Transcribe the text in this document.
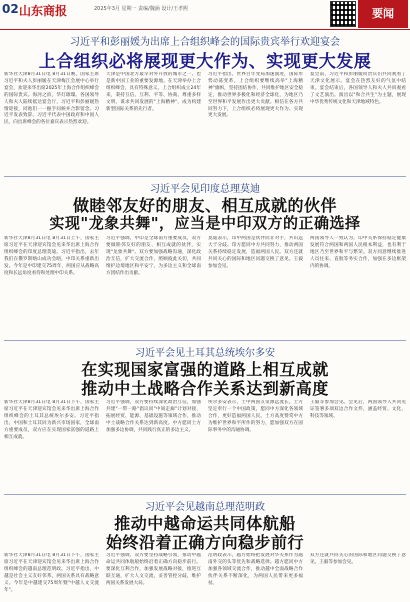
02 山东商报	2025年3月 星期一 责编/魏涵 设计/王孝熙	要闻
习近平和彭丽媛为出席上合组织峰会的国际贵宾举行欢迎宴会
上合组织必将展现更大作为、实现更大发展
新华社天津8月31日电 8月31日晚，国家主席习近平和夫人彭丽媛在天津梅江会展中心举行宴会，欢迎来华出席2025年上海合作组织峰会的国际贵宾。海河之滨，华灯璀璨。各国领导人和夫人陆续抵达宴会厅，习近平和彭丽媛热情迎接，同他们一一握手问候并合影留念。习近平发表致辞。习近平代表中国政府和中国人民，向出席峰会的各位嘉宾表示热烈欢迎。
天津是中国北方最早对外开放的城市之一，也是新中国工业的重要发源地。在天津举办上合组织峰会，具有特殊意义。上合组织成立24年来，秉持互信、互利、平等、协商、尊重多样文明、谋求共同发展的"上海精神"，成为构建新型国际关系的先行者。
习近平指出，世界百年变局加速演进，国际形势动荡变革。上合组织要继续高举"上海精神"旗帜，坚持团结协作，共同维护地区安全稳定，推动世界多极化和经济全球化，为地区乃至世界和平发展作出更大贡献。相信在各方共同努力下，上合组织必将展现更大作为、实现更大发展。
宴会前，习近平和彭丽媛同贵宾们共同观看了天津文化展示。宴会在热烈友好的气氛中结束。宴会结束后，各国领导人和夫人共同观看了文艺演出。演出以"和合共生"为主题，展现中华优秀传统文化和天津地域特色。
习近平会见印度总理莫迪
做睦邻友好的朋友、相互成就的伙伴
实现"龙象共舞"，应当是中印双方的正确选择
新华社天津8月31日电 8月31日上午，国家主席习近平在天津迎宾馆会见来华出席上海合作组织峰会的印度总理莫迪。习近平指出，去年我们在俄罗斯喀山成功会晤，中印关系重新出发。今年是中印建交75周年，两国应从战略高度和长远角度看待和处理中印关系。
习近平强调，中印是全球南方重要成员，双方要做睦邻友好的朋友、相互成就的伙伴，实现"龙象共舞"。双方要加强战略沟通，深化政治互信，扩大交流合作，照顾彼此关切，共同维护边境地区和平安宁，为多边主义和全球南方团结作出贡献。
莫迪表示，印中两国是伙伴而非对手，共识远大于分歧。印方愿同中方共同努力，推动两国关系持续稳定发展，造福两国人民。双方还就共同关心的国际和地区问题交换了意见。王毅参加会见。
两国领导人一致认为，印中关系保持稳定健康发展符合两国和两国人民根本利益，也有利于地区乃至世界和平与繁荣。双方同意继续推进人员往来、直航等务实合作，加强在多边框架内的协调。
习近平会见土耳其总统埃尔多安
在实现国家富强的道路上相互成就
推动中土战略合作关系达到新高度
新华社天津8月31日电 8月31日下午，国家主席习近平在天津迎宾馆会见来华出席上海合作组织峰会的土耳其总统埃尔多安。习近平指出，中国和土耳其同为新兴市场国家，全球南方重要成员，双方应在实现国家富强的道路上相互成就。
习近平强调，双方要持续深化政治互信，加强共建"一带一路"倡议同"中间走廊"计划对接，拓展经贸、能源、基础设施等领域合作，推动中土战略合作关系达到新高度。中方愿同土方加强多边协调，共同践行真正的多边主义。
埃尔多安表示，土中两国友谊源远流长。土方坚定奉行一个中国政策，愿同中方深化各领域合作，更好造福两国人民。土方高度赞赏中方为维护世界和平所作的努力，愿加强双方在国际事务中的沟通协调。
王毅等参加会见。会见后，两国领导人共同见证签署多项双边合作文件，涵盖经贸、文化、科技等领域。
习近平会见越南总理范明政
推动中越命运共同体航船
始终沿着正确方向稳步前行
新华社天津8月31日电 8月31日下午，国家主席习近平在天津迎宾馆会见来华出席上海合作组织峰会的越南总理范明政。习近平指出，中越是社会主义友好邻邦，两国关系具有战略意义。今年是中越建交75周年暨"中越人文交流年"。
习近平强调，双方要坚持战略引领，推动中越命运共同体航船始终沿着正确方向稳步前行。要深化互利合作，加强发展战略对接，推进互联互通，扩大人文交流，妥善管控分歧，维护两国关系发展大局。
范明政表示，越方始终把发展对华关系作为越南外交的头等优先和战略选择。越方愿同中方加强各领域交流合作，推动越中全面战略合作伙伴关系不断深化，为两国人民带来更多福祉。
双方还就共同关心的国际和地区问题交换了意见。王毅等参加会见。
